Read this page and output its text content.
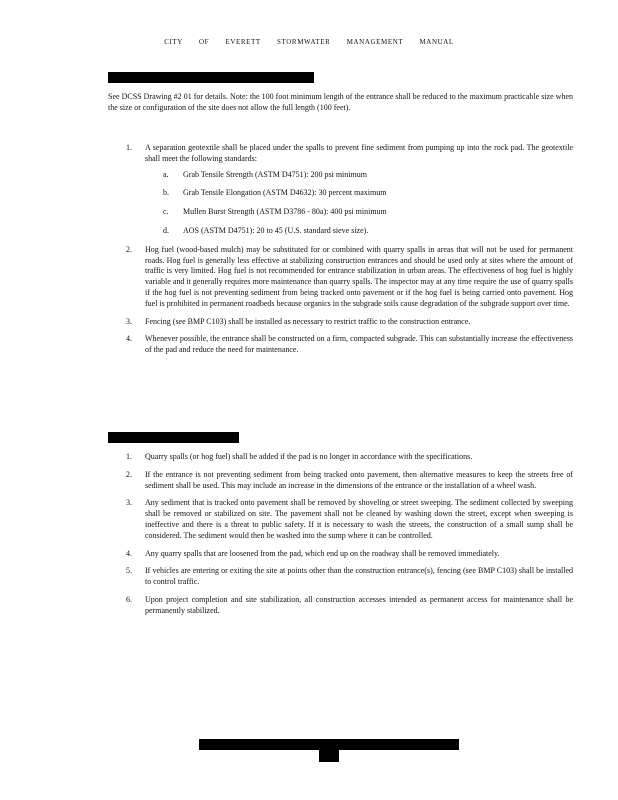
CITY OF EVERETT STORMWATER MANAGEMENT MANUAL

See DCSS Drawing #2 01 for details. Note: the 100 foot minimum length of the entrance shall be reduced to the maximum practicable size when the size or configuration of the site does not allow the full length (100 feet).

1. A separation geotextile shall be placed under the spalls to prevent fine sediment from pumping up into the rock pad. The geotextile shall meet the following standards:
a. Grab Tensile Strength (ASTM D4751): 200 psi minimum
b. Grab Tensile Elongation (ASTM D4632): 30 percent maximum
c. Mullen Burst Strength (ASTM D3786 - 80a): 400 psi minimum
d. AOS (ASTM D4751): 20 to 45 (U.S. standard sieve size).
2. Hog fuel (wood-based mulch) may be substituted for or combined with quarry spalls in areas that will not be used for permanent roads. Hog fuel is generally less effective at stabilizing construction entrances and should be used only at sites where the amount of traffic is very limited. Hog fuel is not recommended for entrance stabilization in urban areas. The effectiveness of hog fuel is highly variable and it generally requires more maintenance than quarry spalls. The inspector may at any time require the use of quarry spalls if the hog fuel is not preventing sediment from being tracked onto pavement or if the hog fuel is being carried onto pavement. Hog fuel is prohibited in permanent roadbeds because organics in the subgrade soils cause degradation of the subgrade support over time.
3. Fencing (see BMP C103) shall be installed as necessary to restrict traffic to the construction entrance.
4. Whenever possible, the entrance shall be constructed on a firm, compacted subgrade. This can substantially increase the effectiveness of the pad and reduce the need for maintenance.
1. Quarry spalls (or hog fuel) shall be added if the pad is no longer in accordance with the specifications.
2. If the entrance is not preventing sediment from being tracked onto pavement, then alternative measures to keep the streets free of sediment shall be used. This may include an increase in the dimensions of the entrance or the installation of a wheel wash.
3. Any sediment that is tracked onto pavement shall be removed by shoveling or street sweeping. The sediment collected by sweeping shall be removed or stabilized on site. The pavement shall not be cleaned by washing down the street, except when sweeping is ineffective and there is a threat to public safety. If it is necessary to wash the streets, the construction of a small sump shall be considered. The sediment would then be washed into the sump where it can be controlled.
4. Any quarry spalls that are loosened from the pad, which end up on the roadway shall be removed immediately.
5. If vehicles are entering or exiting the site at points other than the construction entrance(s), fencing (see BMP C103) shall be installed to control traffic.
6. Upon project completion and site stabilization, all construction accesses intended as permanent access for maintenance shall be permanently stabilized.
